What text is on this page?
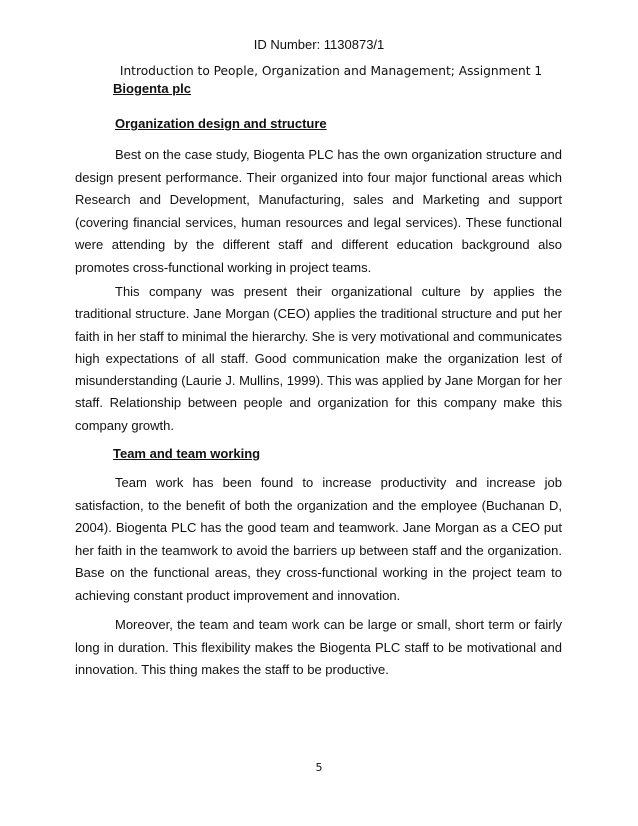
ID Number: 1130873/1
Introduction to People, Organization and Management; Assignment 1
Biogenta plc
Organization design and structure

Best on the case study, Biogenta PLC has the own organization structure and design present performance. Their organized into four major functional areas which Research and Development, Manufacturing, sales and Marketing and support (covering financial services, human resources and legal services). These functional were attending by the different staff and different education background also promotes cross-functional working in project teams.

This company was present their organizational culture by applies the traditional structure. Jane Morgan (CEO) applies the traditional structure and put her faith in her staff to minimal the hierarchy. She is very motivational and communicates high expectations of all staff. Good communication make the organization lest of misunderstanding (Laurie J. Mullins, 1999). This was applied by Jane Morgan for her staff. Relationship between people and organization for this company make this company growth.

Team and team working

Team work has been found to increase productivity and increase job satisfaction, to the benefit of both the organization and the employee (Buchanan D, 2004). Biogenta PLC has the good team and teamwork. Jane Morgan as a CEO put her faith in the teamwork to avoid the barriers up between staff and the organization. Base on the functional areas, they cross-functional working in the project team to achieving constant product improvement and innovation.

Moreover, the team and team work can be large or small, short term or fairly long in duration. This flexibility makes the Biogenta PLC staff to be motivational and innovation. This thing makes the staff to be productive.

5
